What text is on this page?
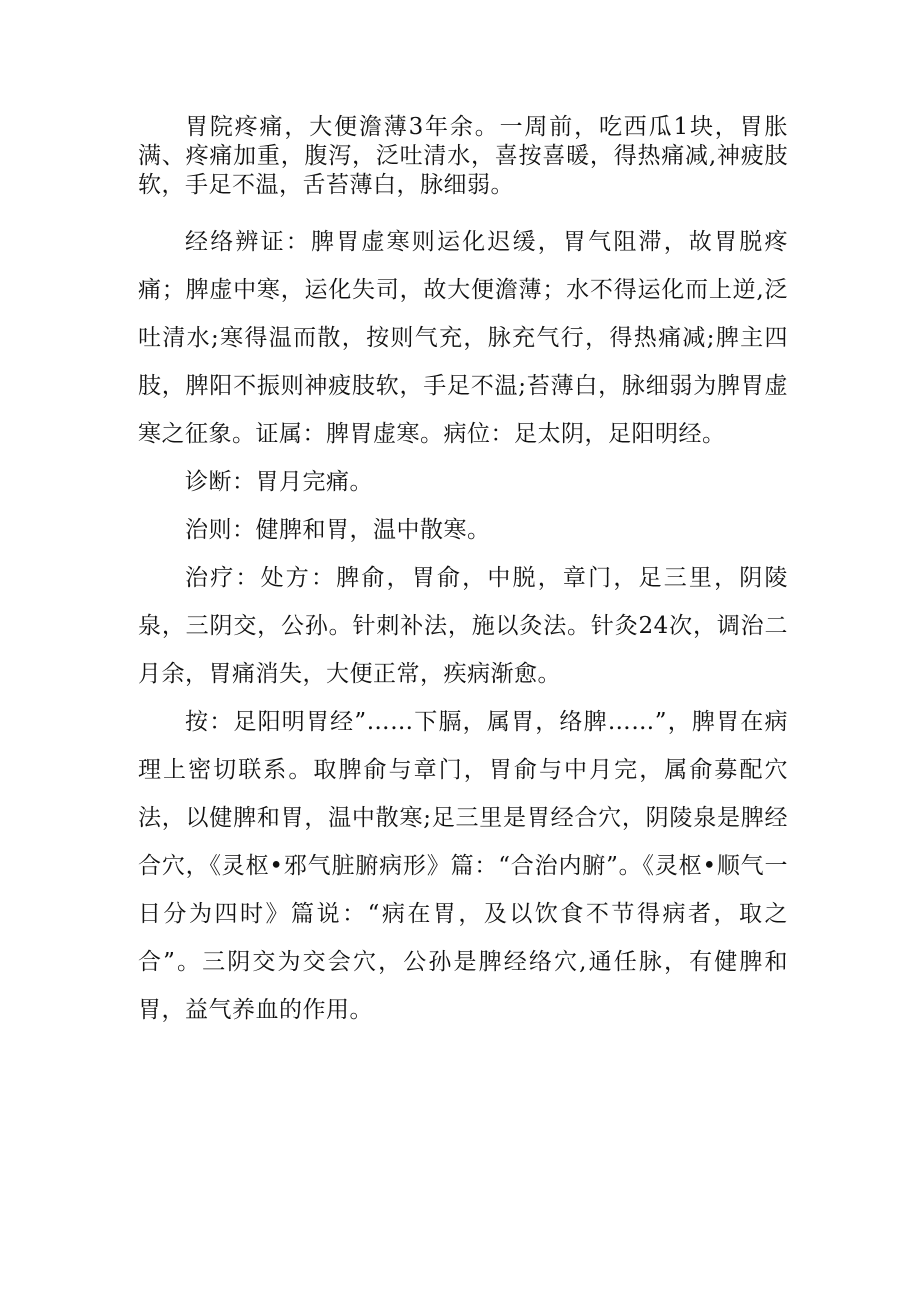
胃院疼痛，大便澹薄3年余。一周前，吃西瓜1块，胃胀满、疼痛加重，腹泻，泛吐清水，喜按喜暖，得热痛减,神疲肢软，手足不温，舌苔薄白，脉细弱。

经络辨证：脾胃虚寒则运化迟缓，胃气阻滞，故胃脱疼痛；脾虚中寒，运化失司，故大便澹薄；水不得运化而上逆,泛吐清水;寒得温而散，按则气充，脉充气行，得热痛减;脾主四肢，脾阳不振则神疲肢软，手足不温;苔薄白，脉细弱为脾胃虚寒之征象。证属：脾胃虚寒。病位：足太阴，足阳明经。

诊断：胃月完痛。

治则：健脾和胃，温中散寒。

治疗：处方：脾俞，胃俞，中脱，章门，足三里，阴陵泉，三阴交，公孙。针刺补法，施以灸法。针灸24次，调治二月余，胃痛消失，大便正常，疾病渐愈。

按：足阳明胃经”……下膈，属胃，络脾……”，脾胃在病理上密切联系。取脾俞与章门，胃俞与中月完，属俞募配穴法，以健脾和胃，温中散寒;足三里是胃经合穴，阴陵泉是脾经合穴，《灵枢•邪气脏腑病形》篇：“合治内腑”。《灵枢•顺气一日分为四时》篇说：“病在胃，及以饮食不节得病者，取之合”。三阴交为交会穴，公孙是脾经络穴,通任脉，有健脾和胃，益气养血的作用。
